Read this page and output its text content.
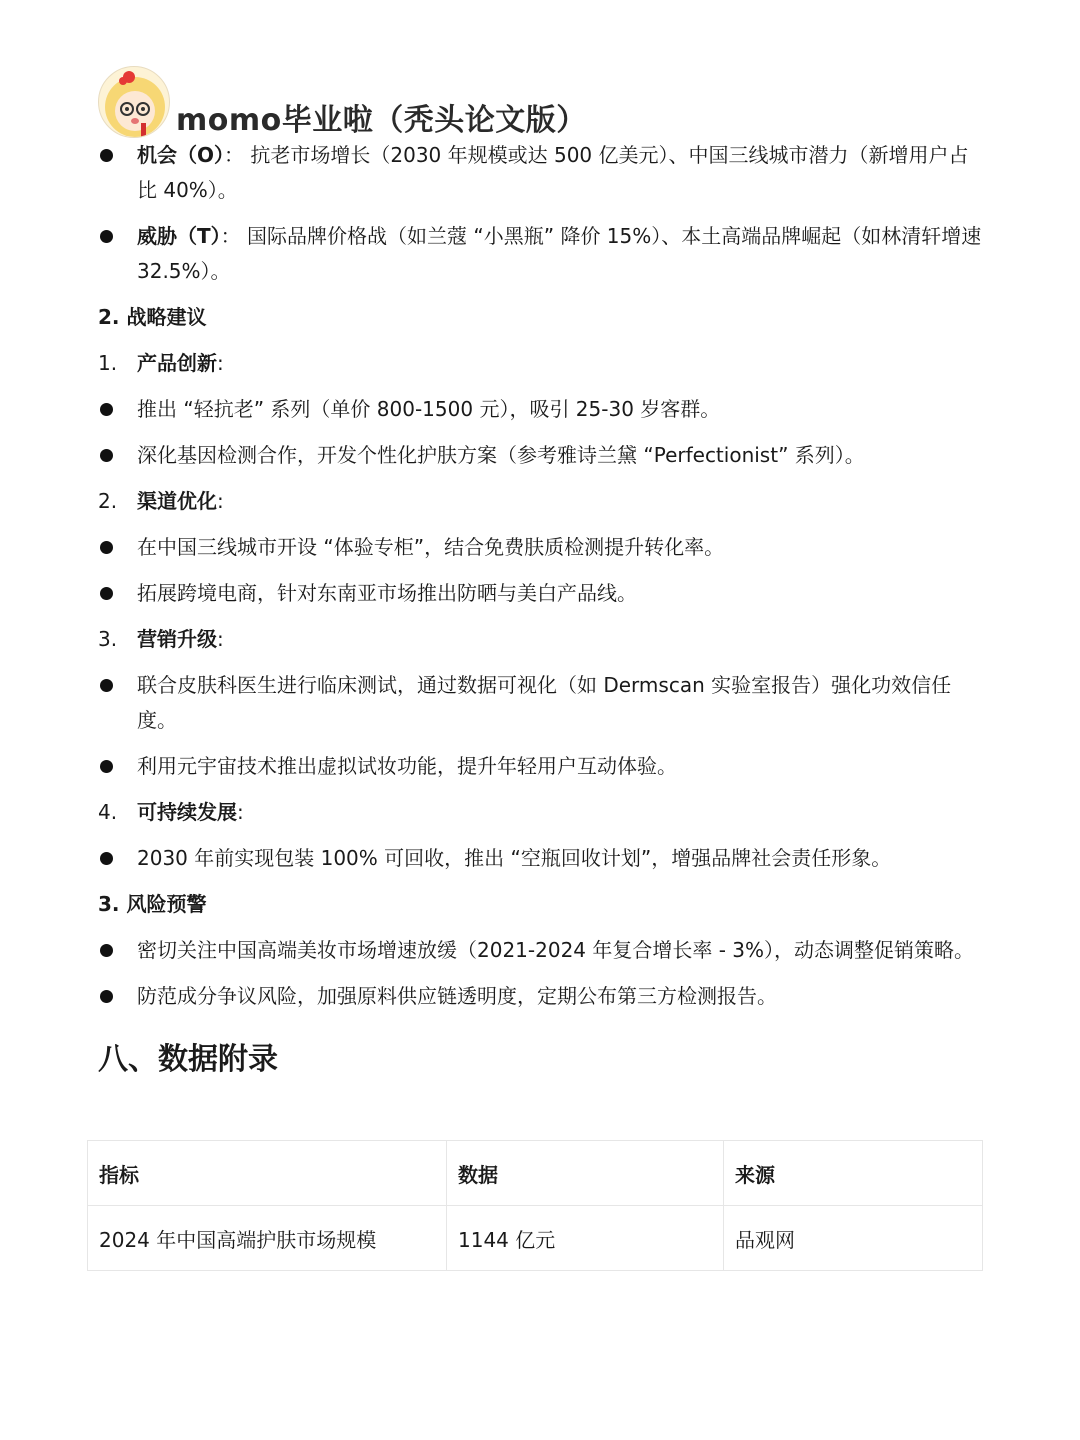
momo毕业啦（秃头论文版）
机会（O）： 抗老市场增长（2030 年规模或达 500 亿美元）、中国三线城市潜力（新增用户占比 40%）。
威胁（T）： 国际品牌价格战（如兰蔻 “小黑瓶” 降价 15%）、本土高端品牌崛起（如林清轩增速 32.5%）。
2. 战略建议
1. 产品创新:
推出 “轻抗老” 系列（单价 800-1500 元），吸引 25-30 岁客群。
深化基因检测合作，开发个性化护肤方案（参考雅诗兰黛 “Perfectionist” 系列）。
2. 渠道优化:
在中国三线城市开设 “体验专柜”，结合免费肤质检测提升转化率。
拓展跨境电商，针对东南亚市场推出防晒与美白产品线。
3. 营销升级:
联合皮肤科医生进行临床测试，通过数据可视化（如 Dermscan 实验室报告）强化功效信任度。
利用元宇宙技术推出虚拟试妆功能，提升年轻用户互动体验。
4. 可持续发展:
2030 年前实现包装 100% 可回收，推出 “空瓶回收计划”，增强品牌社会责任形象。
3. 风险预警
密切关注中国高端美妆市场增速放缓（2021-2024 年复合增长率 - 3%），动态调整促销策略。
防范成分争议风险，加强原料供应链透明度，定期公布第三方检测报告。
八、数据附录
指标	数据	来源
2024 年中国高端护肤市场规模	1144 亿元	品观网
